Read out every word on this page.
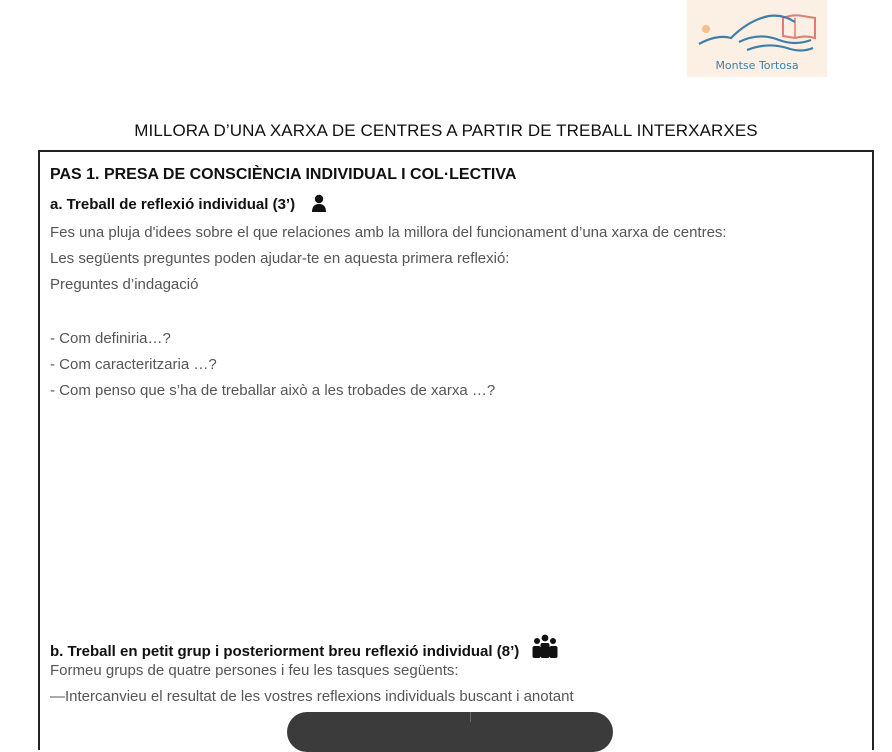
Montse Tortosa
MILLORA D’UNA XARXA DE CENTRES A PARTIR DE TREBALL INTERXARXES
PAS 1. PRESA DE CONSCIÈNCIA INDIVIDUAL I COL·LECTIVA
a. Treball de reflexió individual (3’)
Fes una pluja d'idees sobre el que relaciones amb la millora del funcionament d’una xarxa de centres:
Les següents preguntes poden ajudar-te en aquesta primera reflexió:
Preguntes d’indagació
- Com definiria…?
- Com caracteritzaria …?
- Com penso que s’ha de treballar això a les trobades de xarxa …?
b. Treball en petit grup i posteriorment breu reflexió individual (8’)
Formeu grups de quatre persones i feu les tasques següents:
—Intercanvieu el resultat de les vostres reflexions individuals buscant i anotant
